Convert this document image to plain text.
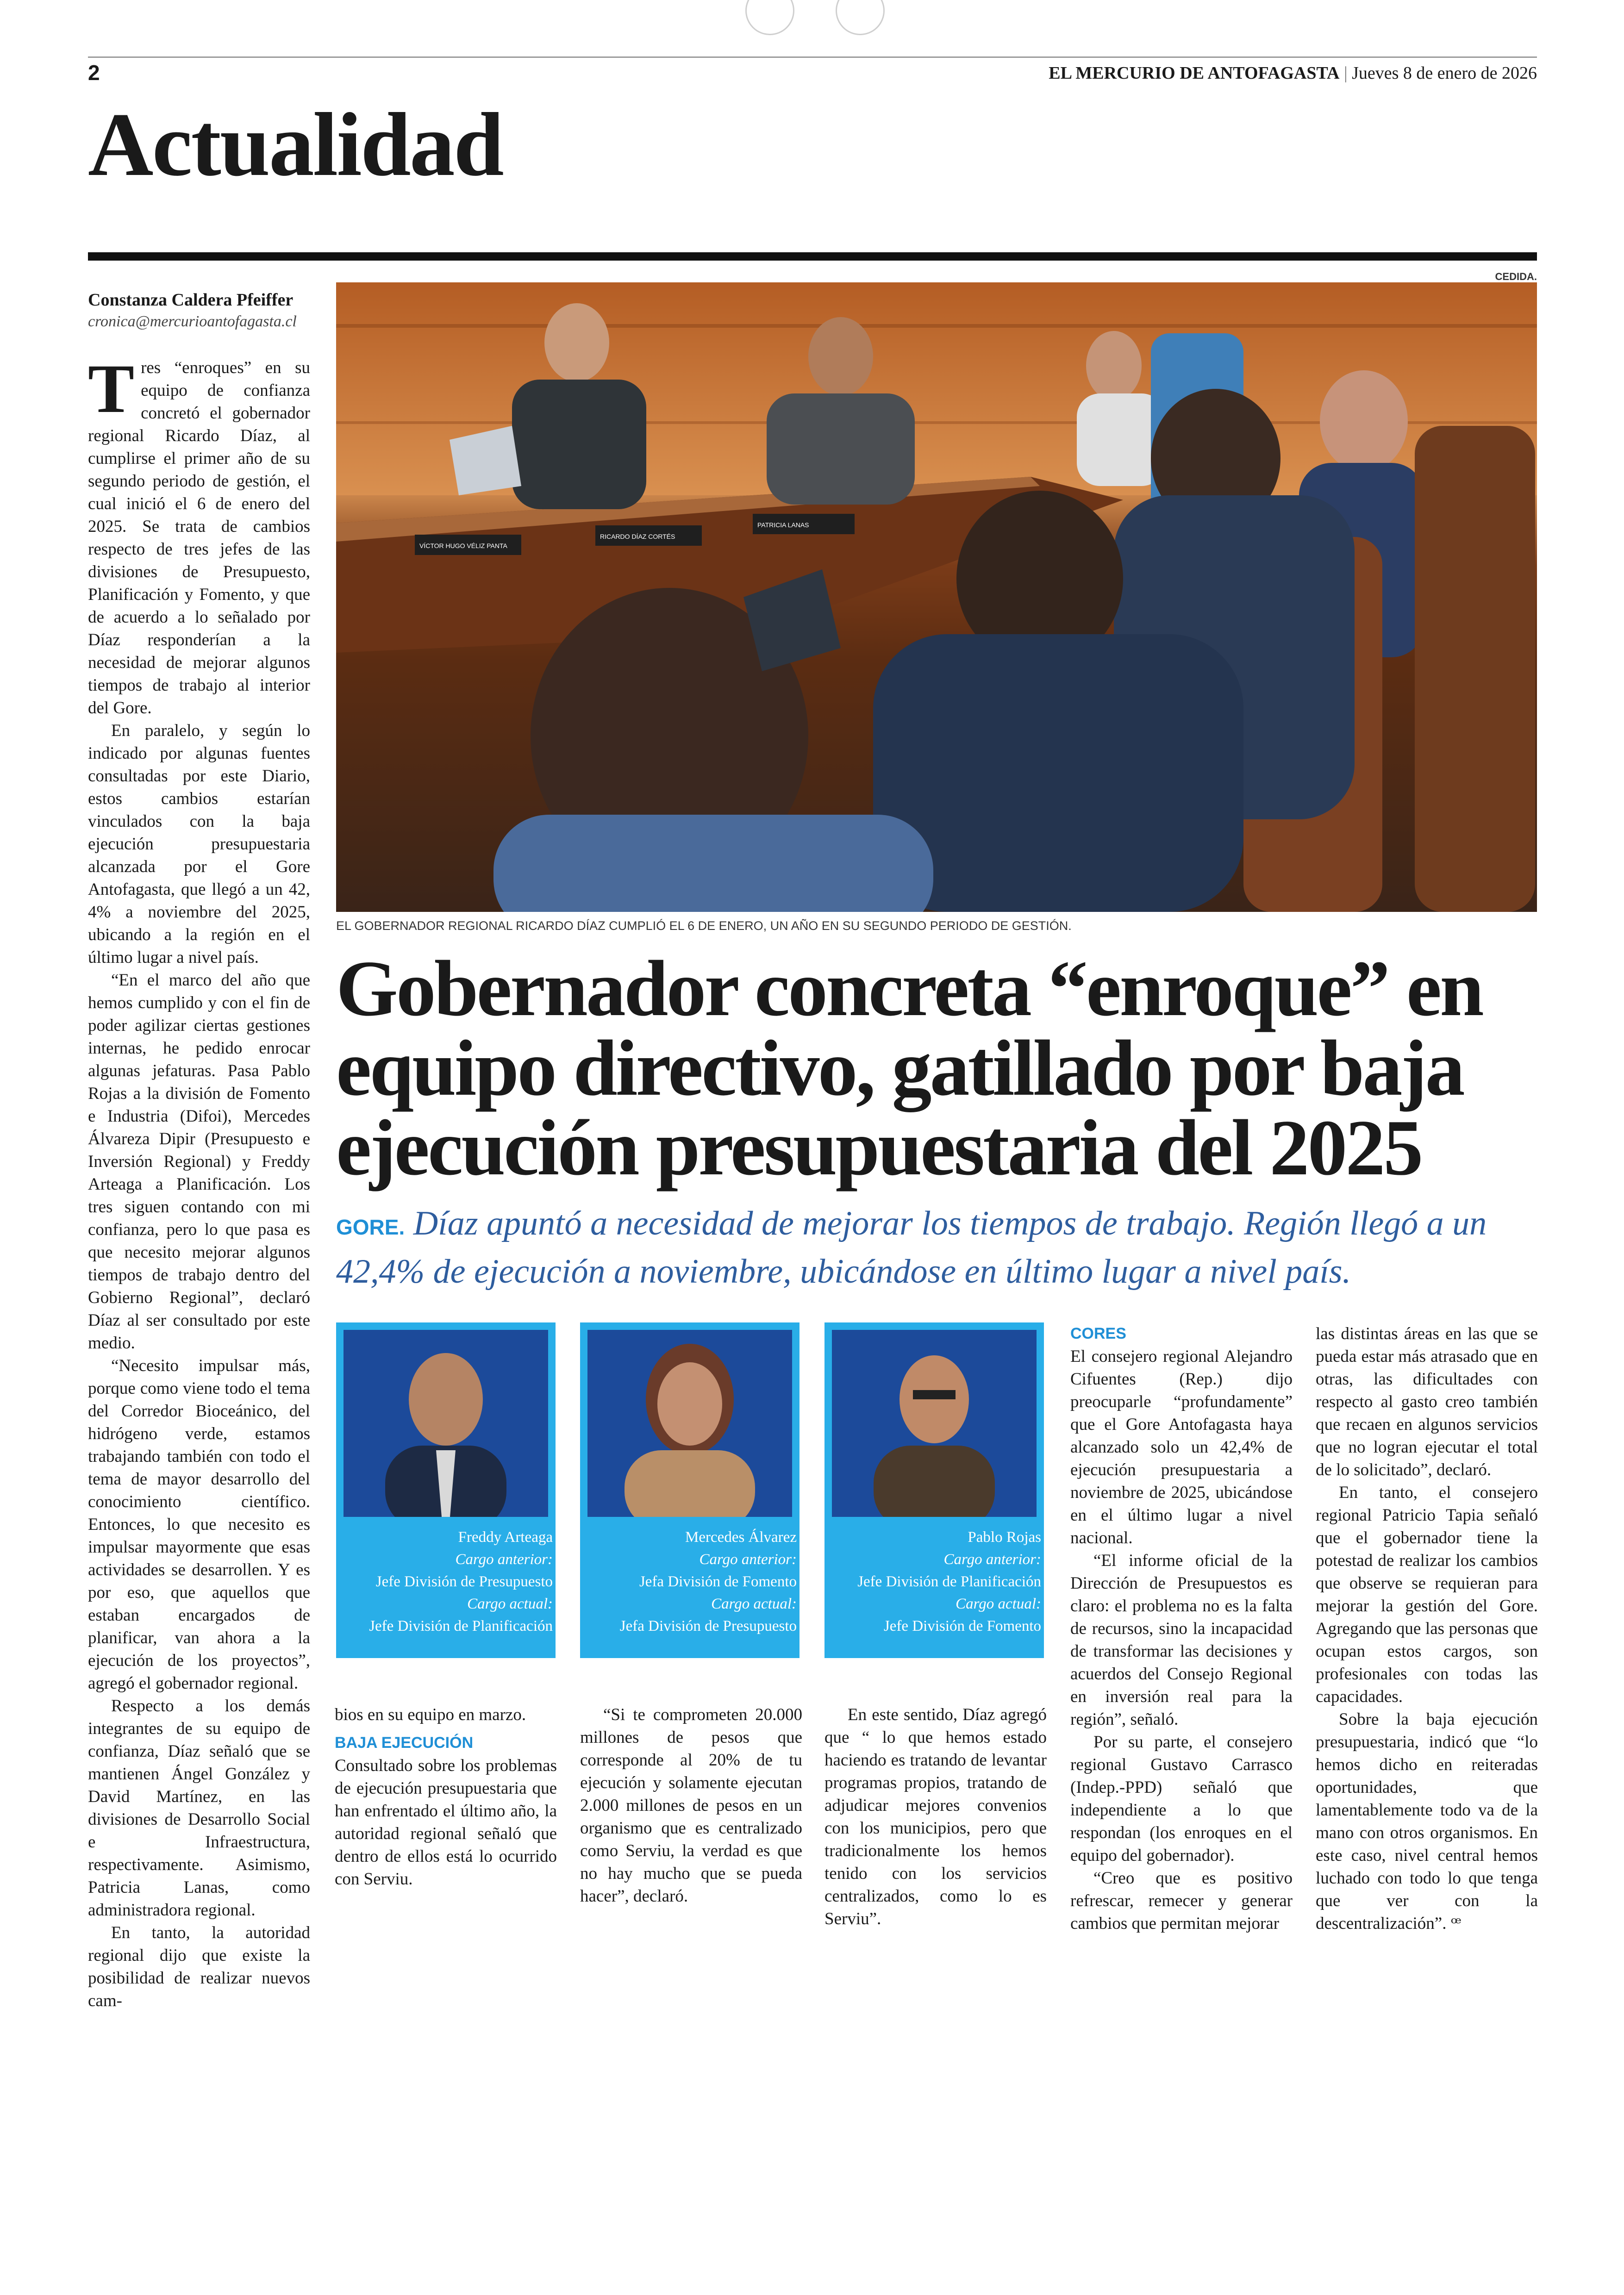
2	EL MERCURIO DE ANTOFAGASTA | Jueves 8 de enero de 2026
Actualidad
Constanza Caldera Pfeiffer
cronica@mercurioantofagasta.cl

Tres “enroques” en su equipo de confianza concretó el gobernador regional Ricardo Díaz, al cumplirse el primer año de su segundo periodo de gestión, el cual inició el 6 de enero del 2025. Se trata de cambios respecto de tres jefes de las divisiones de Presupuesto, Planificación y Fomento, y que de acuerdo a lo señalado por Díaz responderían a la necesidad de mejorar algunos tiempos de trabajo al interior del Gore.

En paralelo, y según lo indicado por algunas fuentes consultadas por este Diario, estos cambios estarían vinculados con la baja ejecución presupuestaria alcanzada por el Gore Antofagasta, que llegó a un 42, 4% a noviembre del 2025, ubicando a la región en el último lugar a nivel país.

“En el marco del año que hemos cumplido y con el fin de poder agilizar ciertas gestiones internas, he pedido enrocar algunas jefaturas. Pasa Pablo Rojas a la división de Fomento e Industria (Difoi), Mercedes Álvareza Dipir (Presupuesto e Inversión Regional) y Freddy Arteaga a Planificación. Los tres siguen contando con mi confianza, pero lo que pasa es que necesito mejorar algunos tiempos de trabajo dentro del Gobierno Regional”, declaró Díaz al ser consultado por este medio.

“Necesito impulsar más, porque como viene todo el tema del Corredor Bioceánico, del hidrógeno verde, estamos trabajando también con todo el tema de mayor desarrollo del conocimiento científico. Entonces, lo que necesito es impulsar mayormente que esas actividades se desarrollen. Y es por eso, que aquellos que estaban encargados de planificar, van ahora a la ejecución de los proyectos”, agregó el gobernador regional.

Respecto a los demás integrantes de su equipo de confianza, Díaz señaló que se mantienen Ángel González y David Martínez, en las divisiones de Desarrollo Social e Infraestructura, respectivamente. Asimismo, Patricia Lanas, como administradora regional.

En tanto, la autoridad regional dijo que existe la posibilidad de realizar nuevos cam-

CEDIDA.
VÍCTOR HUGO VÉLIZ PANTA
RICARDO DÍAZ CORTÉS
PATRICIA LANAS
EL GOBERNADOR REGIONAL RICARDO DÍAZ CUMPLIÓ EL 6 DE ENERO, UN AÑO EN SU SEGUNDO PERIODO DE GESTIÓN.
Gobernador concreta “enroque” en
equipo directivo, gatillado por baja
ejecución presupuestaria del 2025
GORE. Díaz apuntó a necesidad de mejorar los tiempos de trabajo. Región llegó a un 42,4% de ejecución a noviembre, ubicándose en último lugar a nivel país.
Freddy Arteaga
Cargo anterior:
Jefe División de Presupuesto
Cargo actual:
Jefe División de Planificación
Mercedes Álvarez
Cargo anterior:
Jefa División de Fomento
Cargo actual:
Jefa División de Presupuesto
Pablo Rojas
Cargo anterior:
Jefe División de Planificación
Cargo actual:
Jefe División de Fomento

bios en su equipo en marzo.

BAJA EJECUCIÓN

Consultado sobre los problemas de ejecución presupuestaria que han enfrentado el último año, la autoridad regional señaló que dentro de ellos está lo ocurrido con Serviu.

“Si te comprometen 20.000 millones de pesos que corresponde al 20% de tu ejecución y solamente ejecutan 2.000 millones de pesos en un organismo que es centralizado como Serviu, la verdad es que no hay mucho que se pueda hacer”, declaró.

En este sentido, Díaz agregó que “ lo que hemos estado haciendo es tratando de levantar programas propios, tratando de adjudicar mejores convenios con los municipios, pero que tradicionalmente los hemos tenido con los servicios centralizados, como lo es Serviu”.

CORES

El consejero regional Alejandro Cifuentes (Rep.) dijo preocuparle “profundamente” que el Gore Antofagasta haya alcanzado solo un 42,4% de ejecución presupuestaria a noviembre de 2025, ubicándose en el último lugar a nivel nacional.

“El informe oficial de la Dirección de Presupuestos es claro: el problema no es la falta de recursos, sino la incapacidad de transformar las decisiones y acuerdos del Consejo Regional en inversión real para la región”, señaló.

Por su parte, el consejero regional Gustavo Carrasco (Indep.-PPD) señaló que independiente a lo que respondan (los enroques en el equipo del gobernador).

“Creo que es positivo refrescar, remecer y generar cambios que permitan mejorar

las distintas áreas en las que se pueda estar más atrasado que en otras, las dificultades con respecto al gasto creo también que recaen en algunos servicios que no logran ejecutar el total de lo solicitado”, declaró.

En tanto, el consejero regional Patricio Tapia señaló que el gobernador tiene la potestad de realizar los cambios que observe se requieran para mejorar la gestión del Gore. Agregando que las personas que ocupan estos cargos, son profesionales con todas las capacidades.

Sobre la baja ejecución presupuestaria, indicó que “lo hemos dicho en reiteradas oportunidades, que lamentablemente todo va de la mano con otros organismos. En este caso, nivel central hemos luchado con todo lo que tenga que ver con la descentralización”. ꟹ
